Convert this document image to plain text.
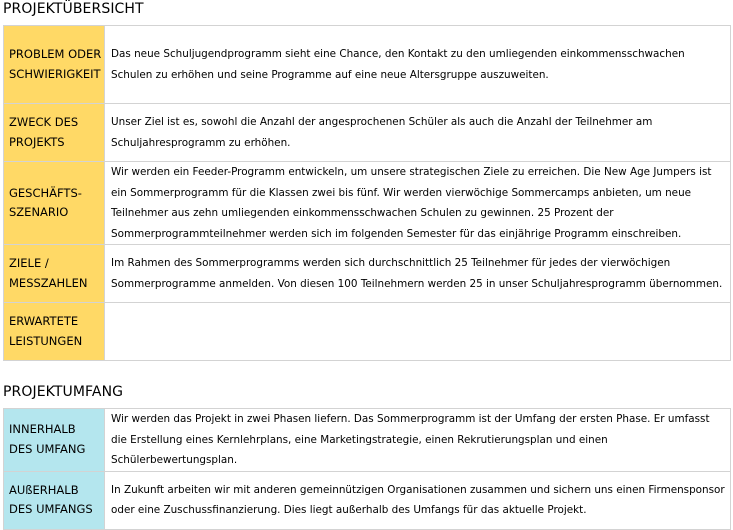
PROJEKTÜBERSICHT
PROBLEM ODER SCHWIERIGKEIT	Das neue Schuljugendprogramm sieht eine Chance, den Kontakt zu den umliegenden einkommensschwachen Schulen zu erhöhen und seine Programme auf eine neue Altersgruppe auszuweiten.
ZWECK DES PROJEKTS	Unser Ziel ist es, sowohl die Anzahl der angesprochenen Schüler als auch die Anzahl der Teilnehmer am Schuljahresprogramm zu erhöhen.
GESCHÄFTS-SZENARIO	Wir werden ein Feeder-Programm entwickeln, um unsere strategischen Ziele zu erreichen. Die New Age Jumpers ist ein Sommerprogramm für die Klassen zwei bis fünf. Wir werden vierwöchige Sommercamps anbieten, um neue Teilnehmer aus zehn umliegenden einkommensschwachen Schulen zu gewinnen. 25 Prozent der Sommerprogrammteilnehmer werden sich im folgenden Semester für das einjährige Programm einschreiben.
ZIELE / MESSZAHLEN	Im Rahmen des Sommerprogramms werden sich durchschnittlich 25 Teilnehmer für jedes der vierwöchigen Sommerprogramme anmelden. Von diesen 100 Teilnehmern werden 25 in unser Schuljahresprogramm übernommen.
ERWARTETE LEISTUNGEN	
PROJEKTUMFANG
INNERHALB DES UMFANG	Wir werden das Projekt in zwei Phasen liefern. Das Sommerprogramm ist der Umfang der ersten Phase. Er umfasst die Erstellung eines Kernlehrplans, eine Marketingstrategie, einen Rekrutierungsplan und einen Schülerbewertungsplan.
AUßERHALB DES UMFANGS	In Zukunft arbeiten wir mit anderen gemeinnützigen Organisationen zusammen und sichern uns einen Firmensponsor oder eine Zuschussfinanzierung. Dies liegt außerhalb des Umfangs für das aktuelle Projekt.
